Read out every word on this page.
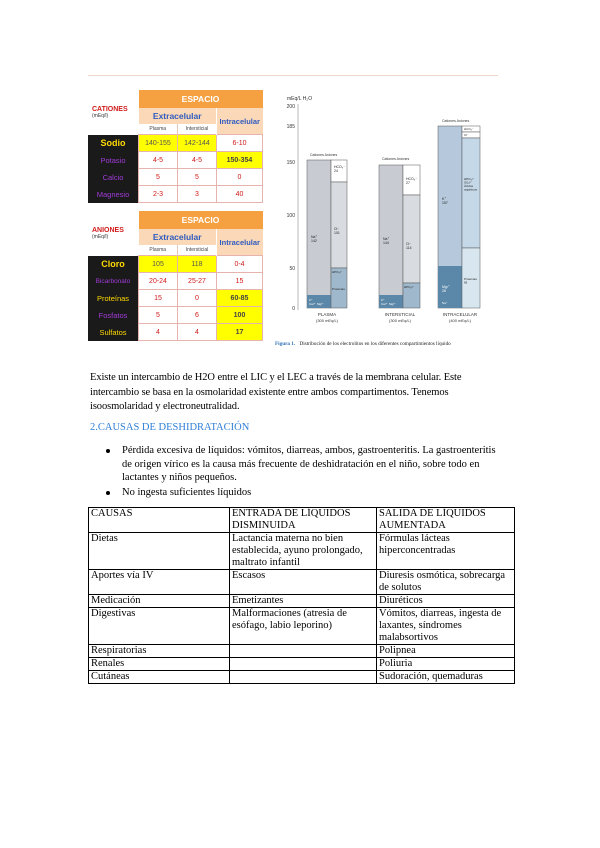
CATIONES
(mEq/l)	ESPACIO		
	Extracelular		Intracelular
	Plasma	Intersticial	
Sodio	140-155	142-144	6-10
Potasio	4-5	4-5	150-354
Calcio	5	5	0
Magnesio	2-3	3	40
ANIONES
(mEq/l)	ESPACIO		
	Extracelular		Intracelular
	Plasma	Intersticial	
Cloro	105	118	0-4
Bicarbonato	20-24	25-27	15
Proteínas	15	0	60-85
Fosfatos	5	6	100
Sulfatos	4	4	17
mEq/L H₂O
200
185
150
100
50
0
Cationes Aniones
Na⁺ 142
HCO₃⁻ 24
Cl⁻ 101
HPO₄²⁻
Proteínas
K⁺
Ca²⁺ Mg²⁺
PLASMA
(300 mEq/L)
Cationes Aniones
Na⁺ 144
HCO₃⁻ 27
Cl⁻ 114
HPO₄²⁻
K⁺
Ca²⁺ Mg²⁺
INTERSTICIAL
(300 mEq/L)
Cationes Aniones
HCO₃⁻
Cl⁻
K⁺ 157
HPO₄²⁻ SO₄²⁻ Ácidos orgánicos
Proteínas 65
Mg²⁺ 26
Na⁺
INTRACELULAR
(400 mEq/L)
Figura 1. Distribución de los electrolitos en los diferentes compartimientos líquido
Existe un intercambio de H2O entre el LIC y el LEC a través de la membrana celular. Este intercambio se basa en la osmolaridad existente entre ambos compartimentos. Tenemos isoosmolaridad y electroneutralidad.
2.CAUSAS DE DESHIDRATACIÓN
Pérdida excesiva de líquidos: vómitos, diarreas, ambos, gastroenteritis. La gastroenteritis de origen vírico es la causa más frecuente de deshidratación en el niño, sobre todo en lactantes y niños pequeños.
No ingesta suficientes líquidos
CAUSAS	ENTRADA DE LÍQUIDOS DISMINUIDA	SALIDA DE LÍQUIDOS AUMENTADA
Dietas	Lactancia materna no bien establecida, ayuno prolongado, maltrato infantil	Fórmulas lácteas hiperconcentradas
Aportes vía IV	Escasos	Diuresis osmótica, sobrecarga de solutos
Medicación	Emetizantes	Diuréticos
Digestivas	Malformaciones (atresia de esófago, labio leporino)	Vómitos, diarreas, ingesta de laxantes, síndromes malabsortivos
Respiratorias		Polipnea
Renales		Poliuria
Cutáneas		Sudoración, quemaduras
